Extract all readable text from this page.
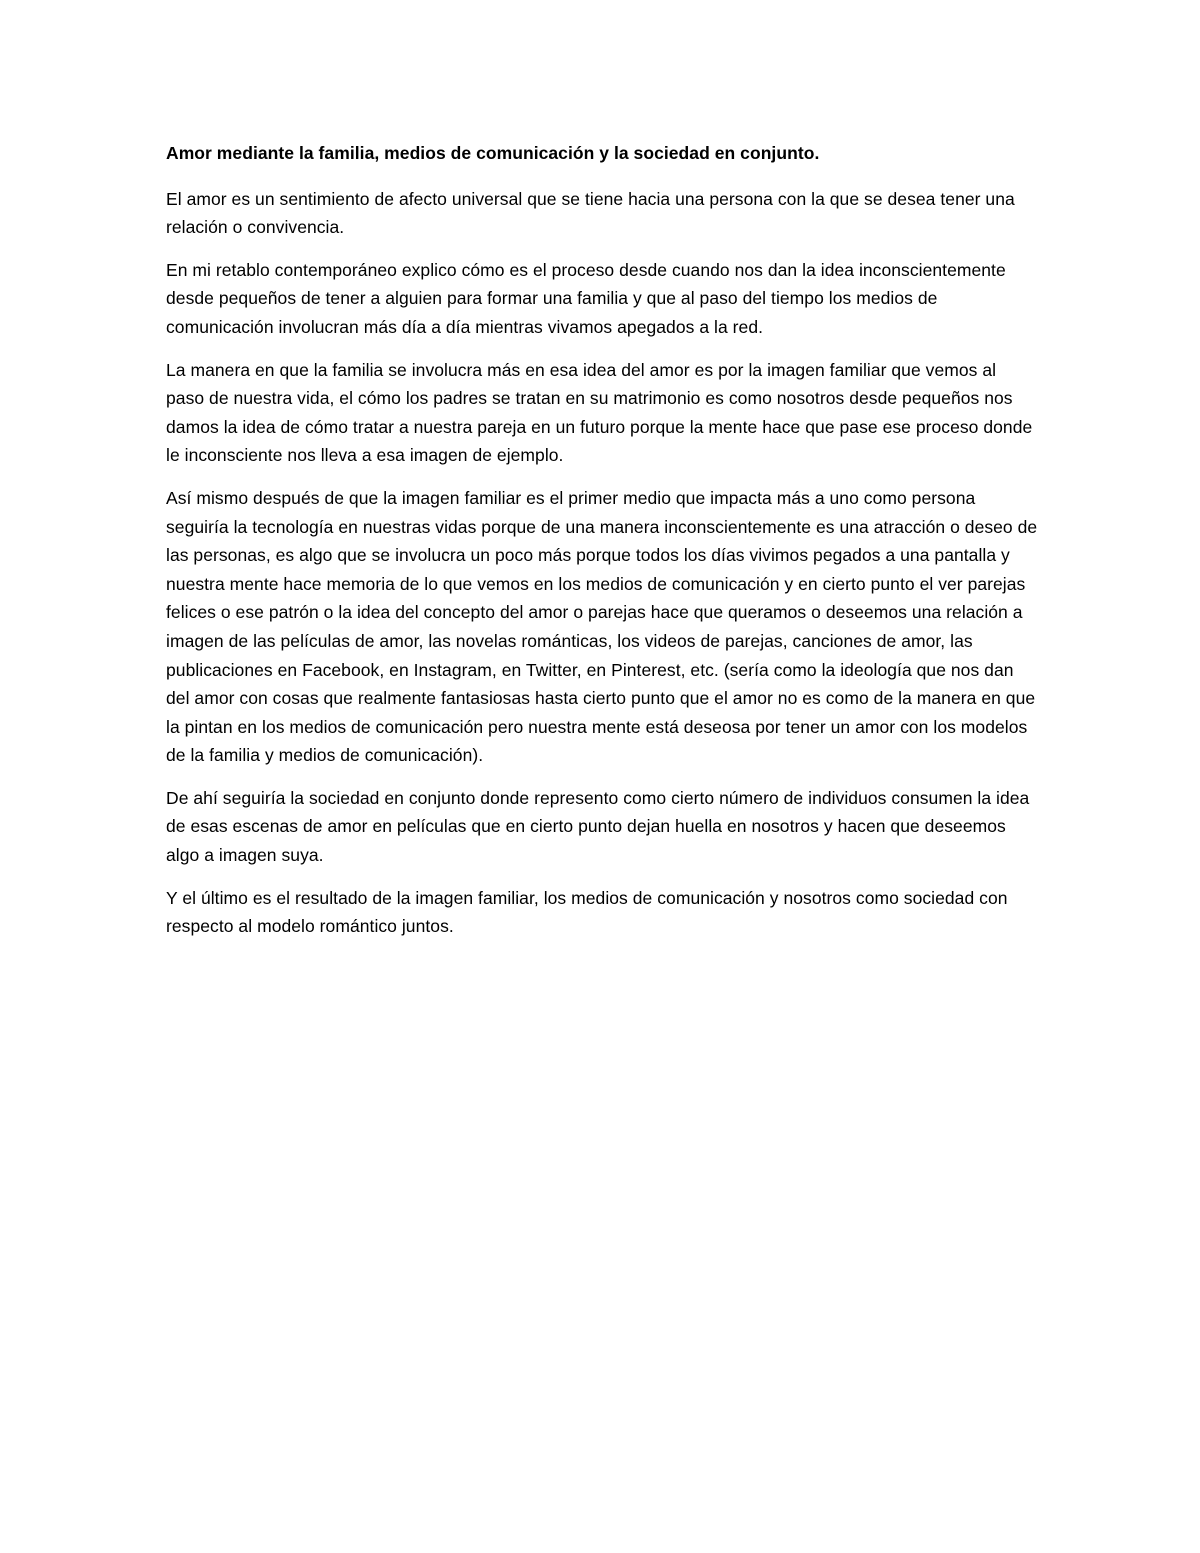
Amor mediante la familia, medios de comunicación y la sociedad en conjunto.

El amor es un sentimiento de afecto universal que se tiene hacia una persona con la que se desea tener una relación o convivencia.

En mi retablo contemporáneo explico cómo es el proceso desde cuando nos dan la idea inconscientemente desde pequeños de tener a alguien para formar una familia y que al paso del tiempo los medios de comunicación involucran más día a día mientras vivamos apegados a la red.

La manera en que la familia se involucra más en esa idea del amor es por la imagen familiar que vemos al paso de nuestra vida, el cómo los padres se tratan en su matrimonio es como nosotros desde pequeños nos damos la idea de cómo tratar a nuestra pareja en un futuro porque la mente hace que pase ese proceso donde le inconsciente nos lleva a esa imagen de ejemplo.

Así mismo después de que la imagen familiar es el primer medio que impacta más a uno como persona seguiría la tecnología en nuestras vidas porque de una manera inconscientemente es una atracción o deseo de las personas, es algo que se involucra un poco más porque todos los días vivimos pegados a una pantalla y nuestra mente hace memoria de lo que vemos en los medios de comunicación y en cierto punto el ver parejas felices o ese patrón o la idea del concepto del amor o parejas hace que queramos o deseemos una relación a imagen de las películas de amor, las novelas románticas, los videos de parejas, canciones de amor, las publicaciones en Facebook, en Instagram, en Twitter, en Pinterest, etc. (sería como la ideología que nos dan del amor con cosas que realmente fantasiosas hasta cierto punto que el amor no es como de la manera en que la pintan en los medios de comunicación pero nuestra mente está deseosa por tener un amor con los modelos de la familia y medios de comunicación).

De ahí seguiría la sociedad en conjunto donde represento como cierto número de individuos consumen la idea de esas escenas de amor en películas que en cierto punto dejan huella en nosotros y hacen que deseemos algo a imagen suya.

Y el último es el resultado de la imagen familiar, los medios de comunicación y nosotros como sociedad con respecto al modelo romántico juntos.
